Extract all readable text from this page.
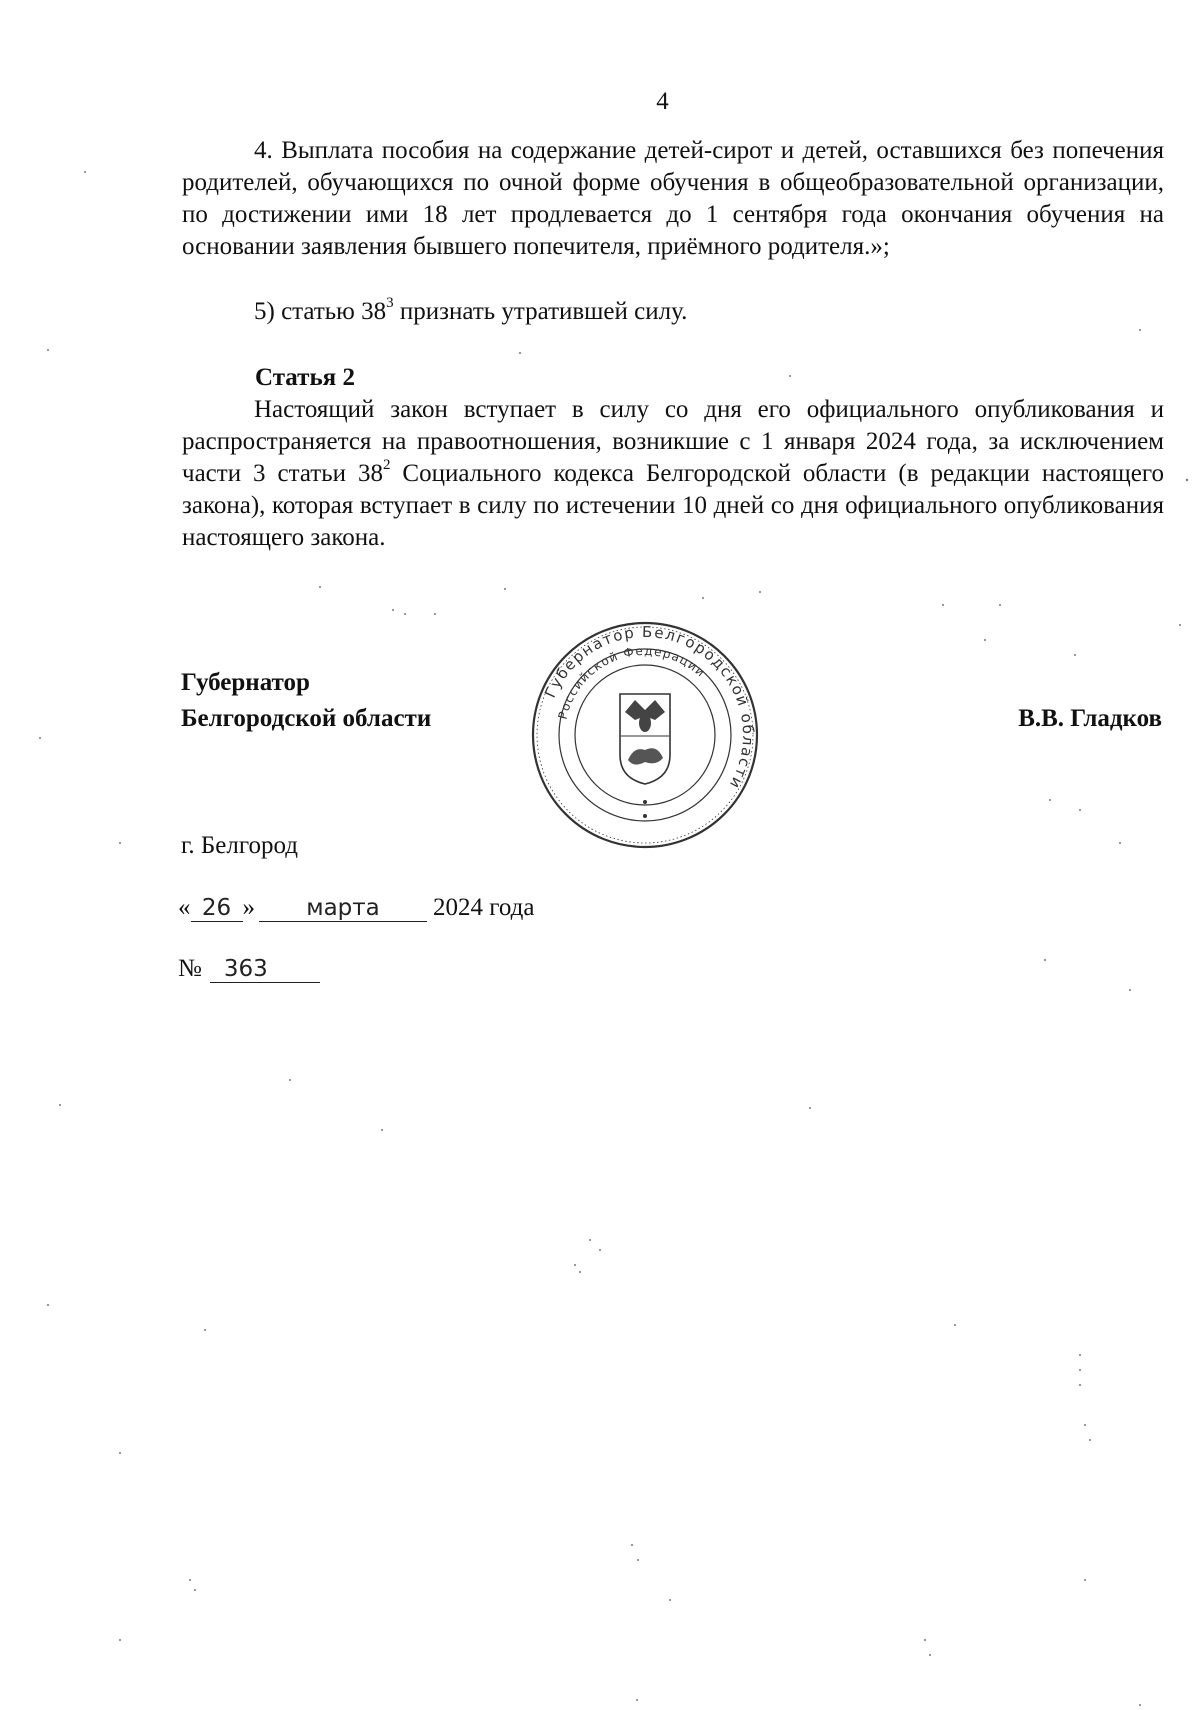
4
4. Выплата пособия на содержание детей-сирот и детей, оставшихся без попечения родителей, обучающихся по очной форме обучения в общеобразовательной организации, по достижении ими 18 лет продлевается до 1 сентября года окончания обучения на основании заявления бывшего попечителя, приёмного родителя.»;
5) статью $38^3$ признать утратившей силу.
Статья 2
Настоящий закон вступает в силу со дня его официального опубликования и распространяется на правоотношения, возникшие с 1 января 2024 года, за исключением части 3 статьи $38^2$ Социального кодекса Белгородской области (в редакции настоящего закона), которая вступает в силу по истечении 10 дней со дня официального опубликования настоящего закона.
Губернатор
Белгородской области
Губернатор Белгородской области
Российской Федерации
В.В. Гладков
г. Белгород
« 26 » марта 2024 года
№ 363
